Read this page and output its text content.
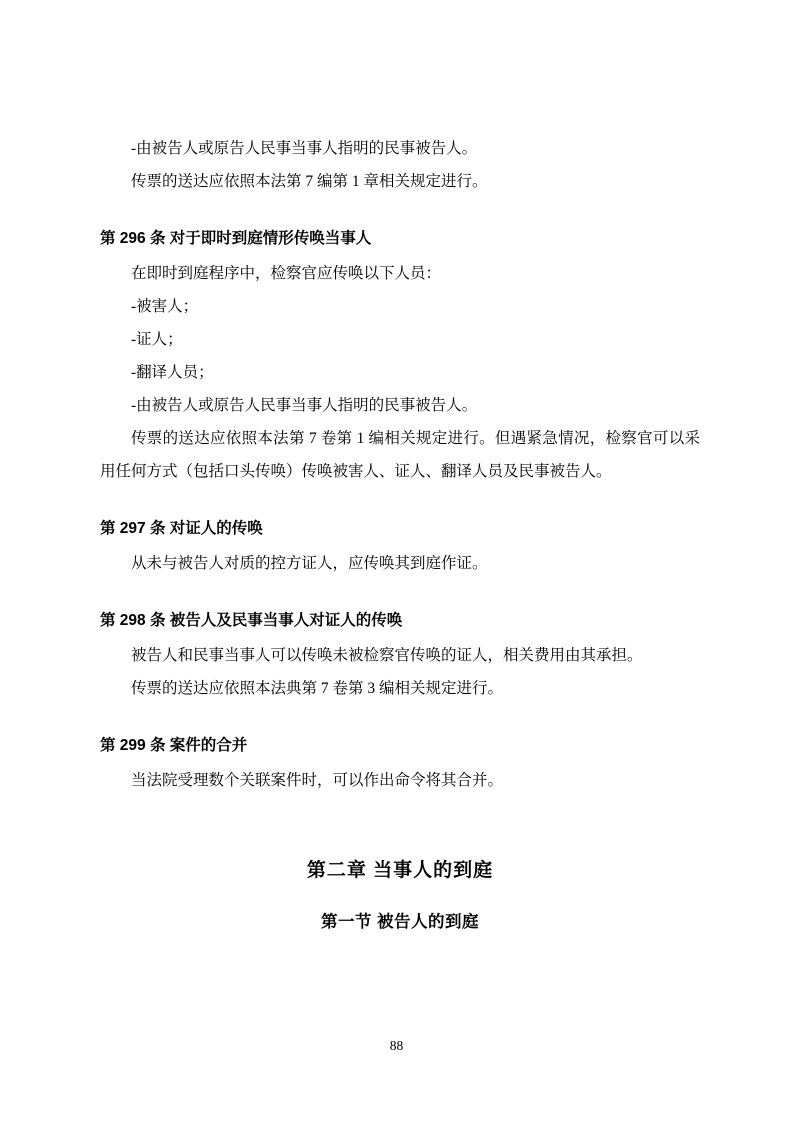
-由被告人或原告人民事当事人指明的民事被告人。

传票的送达应依照本法第 7 编第 1 章相关规定进行。

第 296 条 对于即时到庭情形传唤当事人

在即时到庭程序中，检察官应传唤以下人员：

-被害人；

-证人；

-翻译人员；

-由被告人或原告人民事当事人指明的民事被告人。

传票的送达应依照本法第 7 卷第 1 编相关规定进行。但遇紧急情况，检察官可以采用任何方式（包括口头传唤）传唤被害人、证人、翻译人员及民事被告人。

第 297 条 对证人的传唤

从未与被告人对质的控方证人，应传唤其到庭作证。

第 298 条 被告人及民事当事人对证人的传唤

被告人和民事当事人可以传唤未被检察官传唤的证人，相关费用由其承担。

传票的送达应依照本法典第 7 卷第 3 编相关规定进行。

第 299 条 案件的合并

当法院受理数个关联案件时，可以作出命令将其合并。

第二章 当事人的到庭

第一节 被告人的到庭

88
